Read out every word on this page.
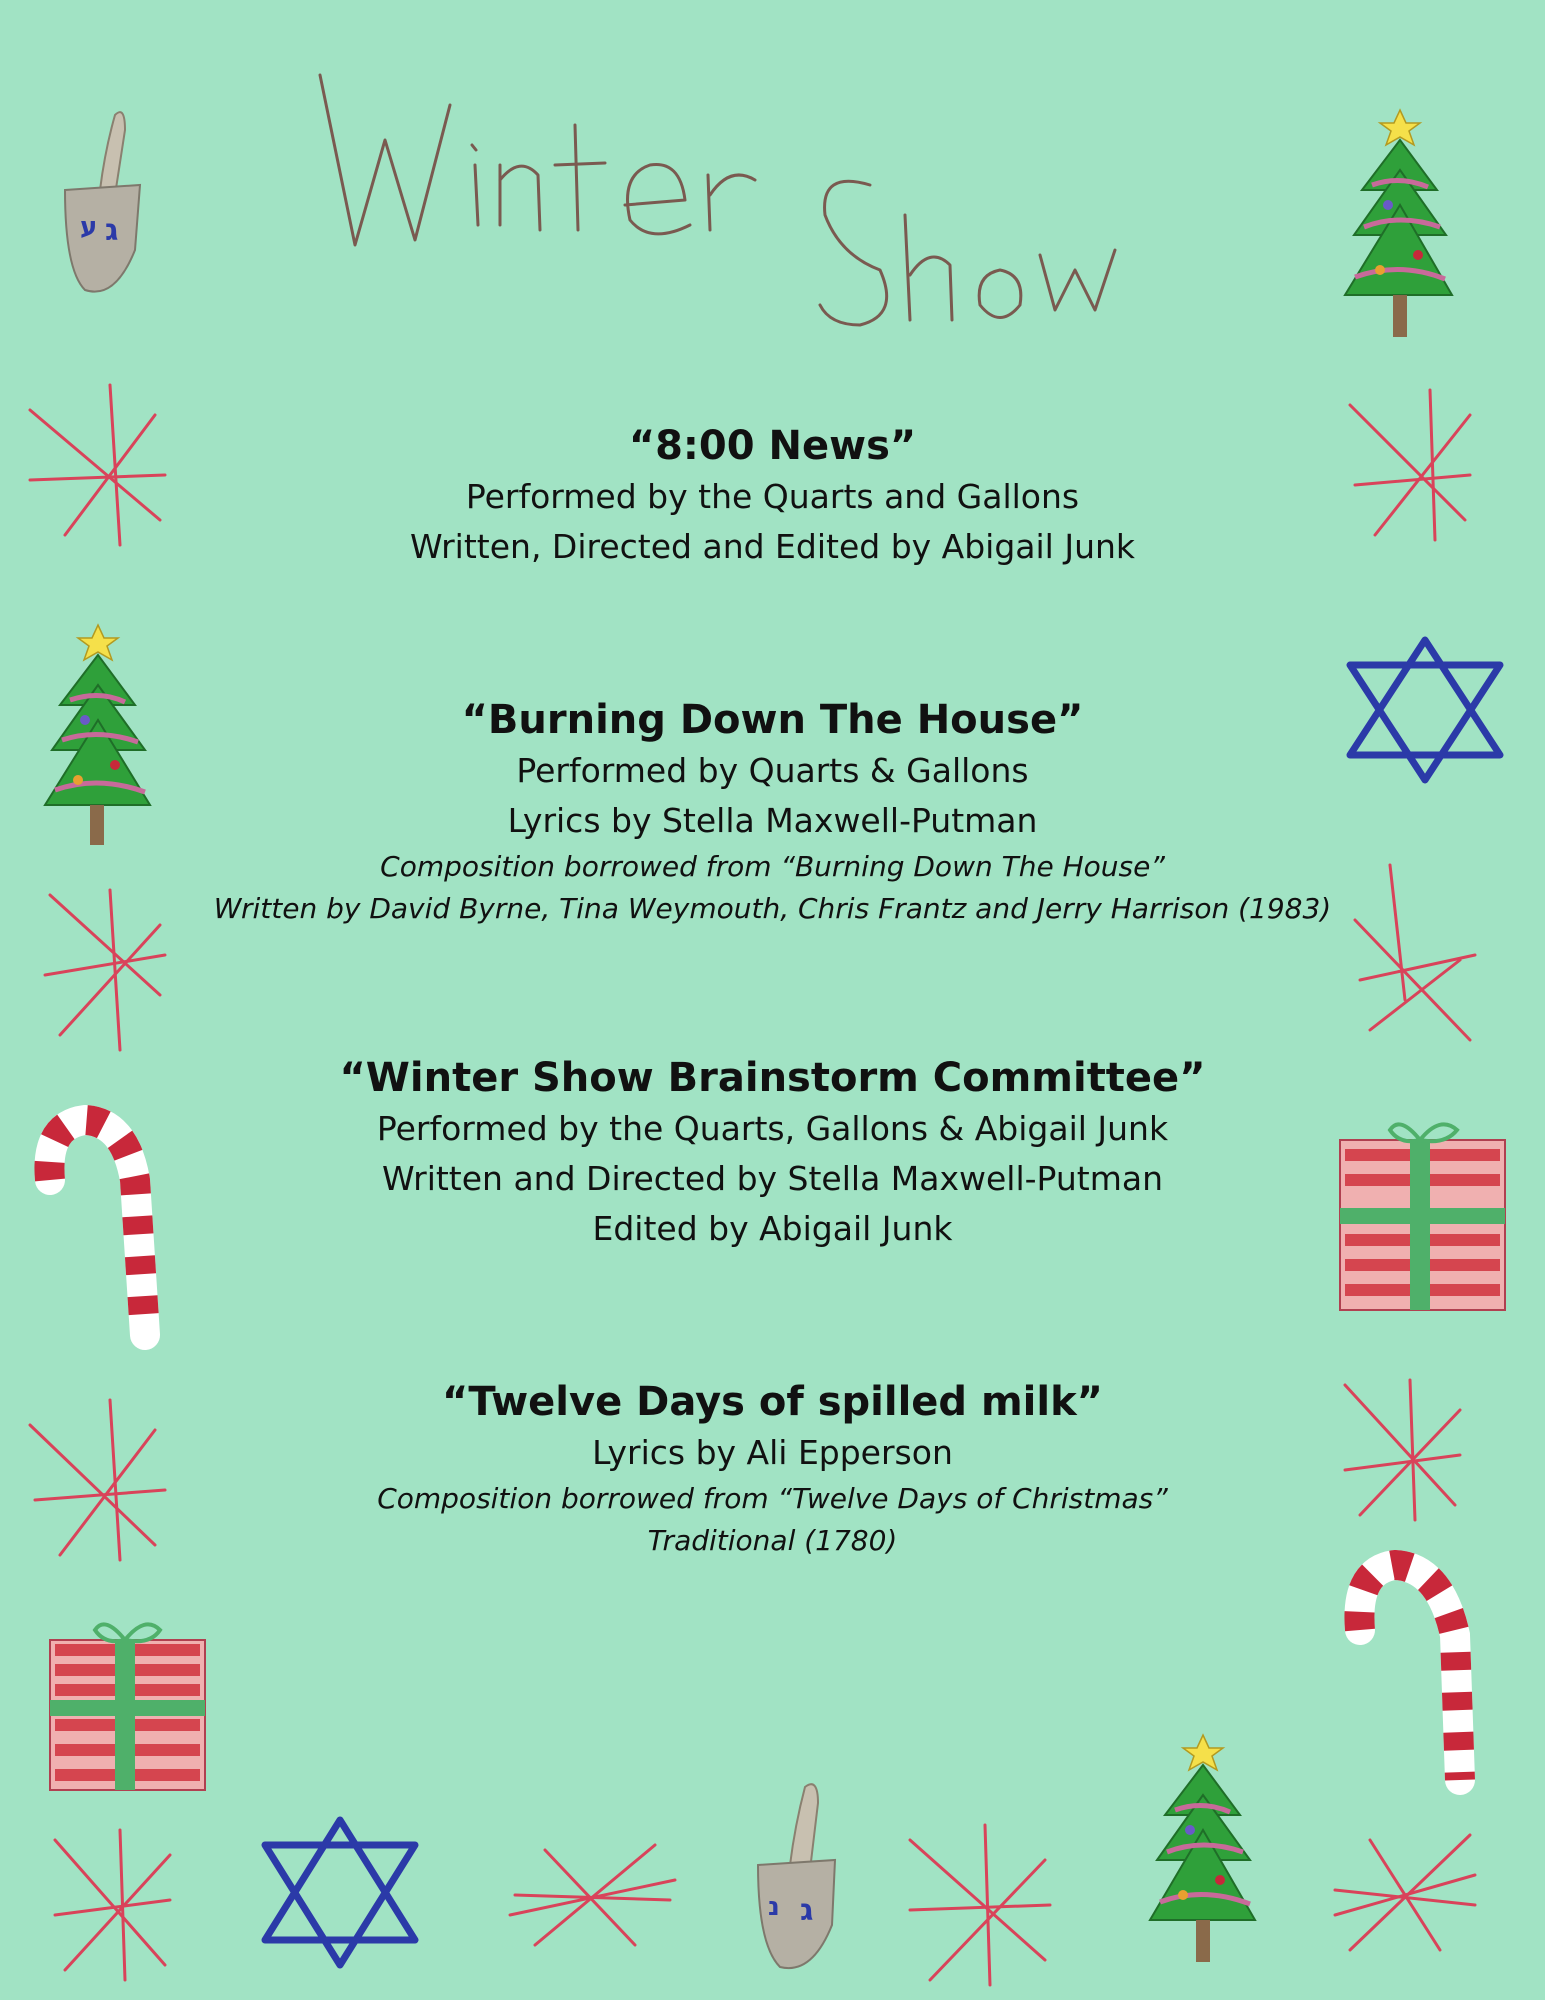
“8:00 News”
Performed by the Quarts and Gallons
Written, Directed and Edited by Abigail Junk
“Burning Down The House”
Performed by Quarts & Gallons
Lyrics by Stella Maxwell-Putman
Composition borrowed from “Burning Down The House”
Written by David Byrne, Tina Weymouth, Chris Frantz and Jerry Harrison (1983)
“Winter Show Brainstorm Committee”
Performed by the Quarts, Gallons & Abigail Junk
Written and Directed by Stella Maxwell-Putman
Edited by Abigail Junk
“Twelve Days of spilled milk”
Lyrics by Ali Epperson
Composition borrowed from “Twelve Days of Christmas”
Traditional (1780)
ע ג
נ ג
